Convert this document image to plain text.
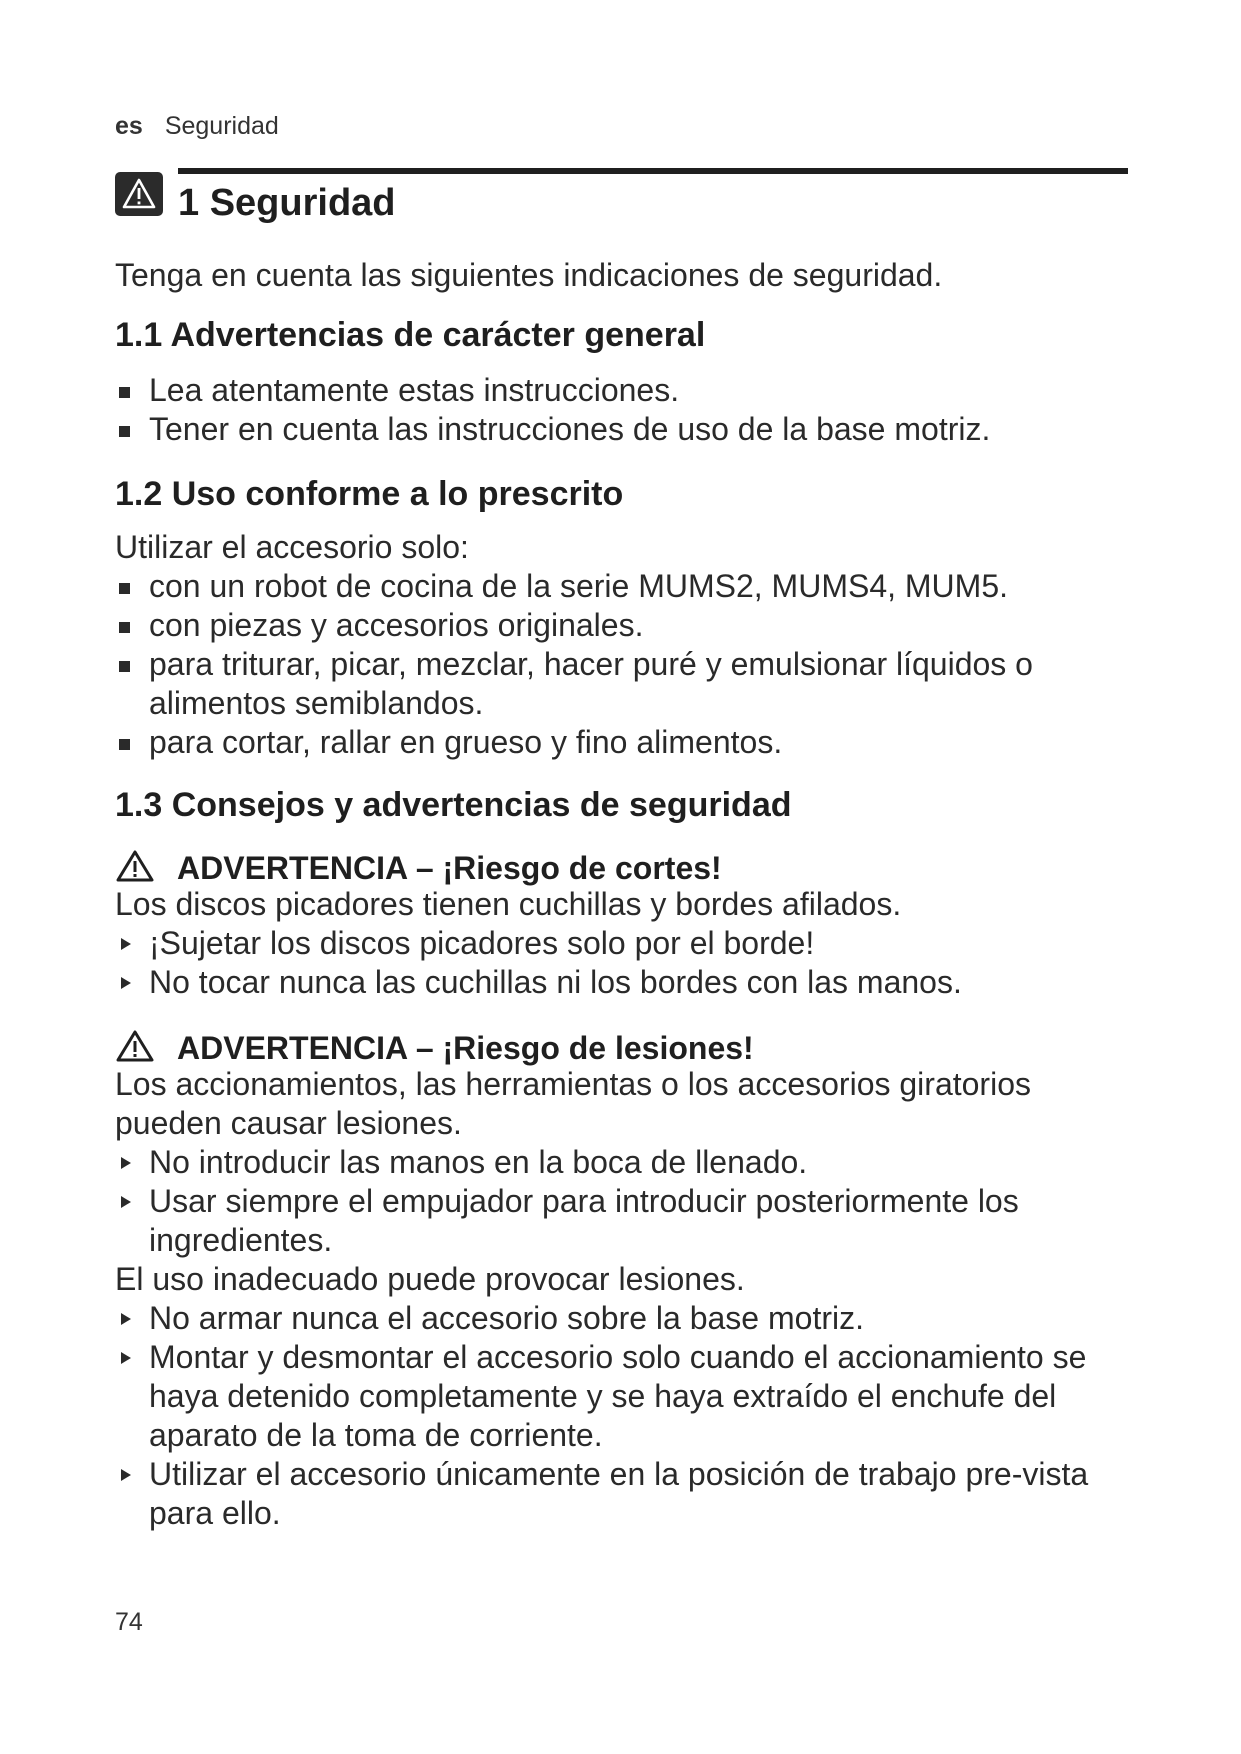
es Seguridad
1 Seguridad

Tenga en cuenta las siguientes indicaciones de seguridad.

1.1 Advertencias de carácter general
Lea atentamente estas instrucciones.
Tener en cuenta las instrucciones de uso de la base motriz.
1.2 Uso conforme a lo prescrito

Utilizar el accesorio solo:

con un robot de cocina de la serie MUMS2, MUMS4, MUM5.
con piezas y accesorios originales.
para triturar, picar, mezclar, hacer puré y emulsionar líquidos o alimentos semiblandos.
para cortar, rallar en grueso y fino alimentos.
1.3 Consejos y advertencias de seguridad
ADVERTENCIA – ¡Riesgo de cortes!

Los discos picadores tienen cuchillas y bordes afilados.

¡Sujetar los discos picadores solo por el borde!
No tocar nunca las cuchillas ni los bordes con las manos.
ADVERTENCIA – ¡Riesgo de lesiones!

Los accionamientos, las herramientas o los accesorios giratorios pueden causar lesiones.

No introducir las manos en la boca de llenado.
Usar siempre el empujador para introducir posteriormente los ingredientes.

El uso inadecuado puede provocar lesiones.

No armar nunca el accesorio sobre la base motriz.
Montar y desmontar el accesorio solo cuando el accionamiento se haya detenido completamente y se haya extraído el enchufe del aparato de la toma de corriente.
Utilizar el accesorio únicamente en la posición de trabajo pre-vista para ello.
74
